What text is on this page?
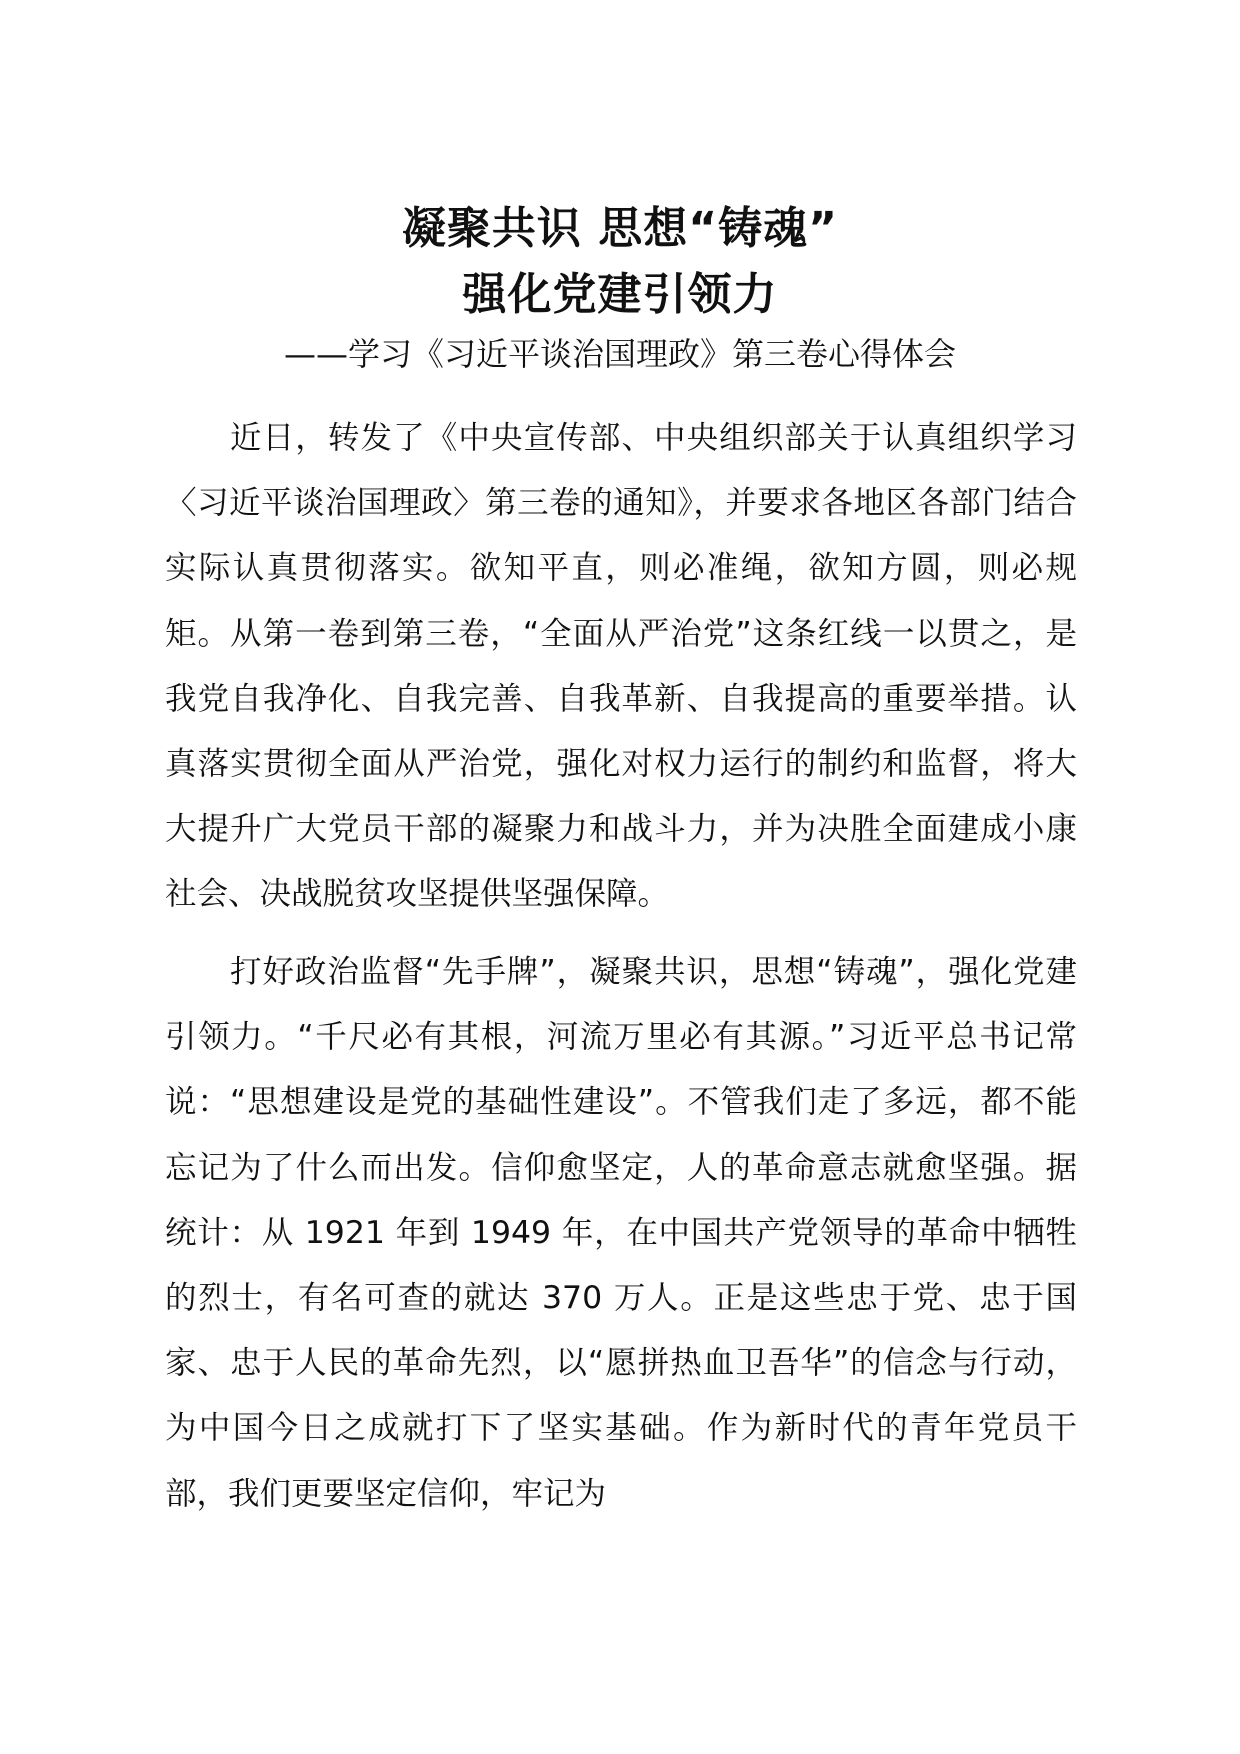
凝聚共识 思想“铸魂”
强化党建引领力

——学习《习近平谈治国理政》第三卷心得体会

近日，转发了《中央宣传部、中央组织部关于认真组织学习〈习近平谈治国理政〉第三卷的通知》，并要求各地区各部门结合实际认真贯彻落实。欲知平直，则必准绳，欲知方圆，则必规矩。从第一卷到第三卷，“全面从严治党”这条红线一以贯之，是我党自我净化、自我完善、自我革新、自我提高的重要举措。认真落实贯彻全面从严治党，强化对权力运行的制约和监督，将大大提升广大党员干部的凝聚力和战斗力，并为决胜全面建成小康社会、决战脱贫攻坚提供坚强保障。

打好政治监督“先手牌”，凝聚共识，思想“铸魂”，强化党建引领力。“千尺必有其根，河流万里必有其源。”习近平总书记常说：“思想建设是党的基础性建设”。不管我们走了多远，都不能忘记为了什么而出发。信仰愈坚定，人的革命意志就愈坚强。据统计：从 1921 年到 1949 年，在中国共产党领导的革命中牺牲的烈士，有名可查的就达 370 万人。正是这些忠于党、忠于国家、忠于人民的革命先烈，以“愿拼热血卫吾华”的信念与行动，为中国今日之成就打下了坚实基础。作为新时代的青年党员干部，我们更要坚定信仰，牢记为
